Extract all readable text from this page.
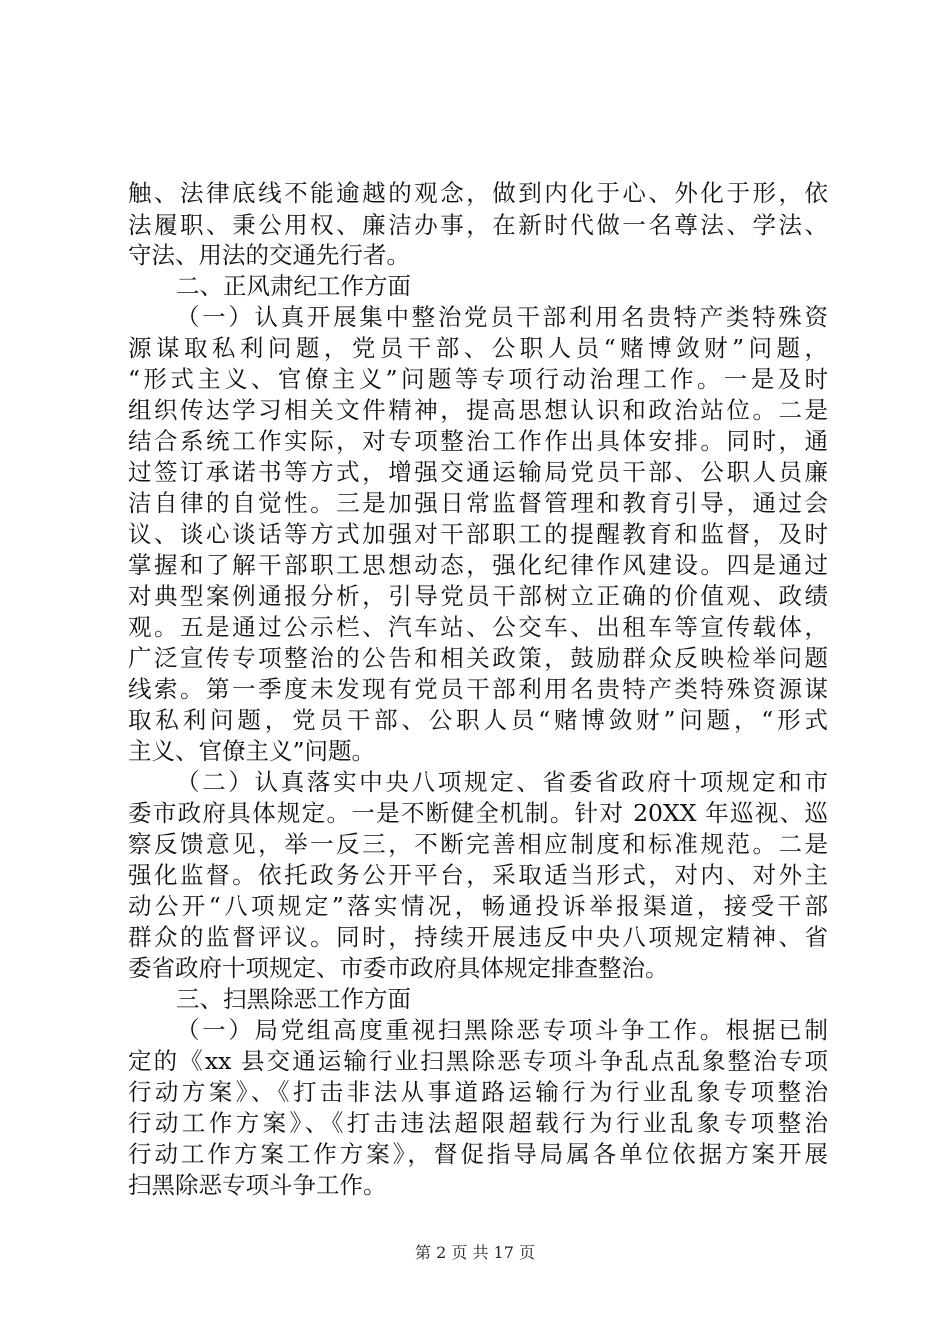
触、法律底线不能逾越的观念，做到内化于心、外化于形，依
法履职、秉公用权、廉洁办事，在新时代做一名尊法、学法、
守法、用法的交通先行者。
二、正风肃纪工作方面
（一）认真开展集中整治党员干部利用名贵特产类特殊资
源谋取私利问题，党员干部、公职人员“赌博敛财”问题，
“形式主义、官僚主义”问题等专项行动治理工作。一是及时
组织传达学习相关文件精神，提高思想认识和政治站位。二是
结合系统工作实际，对专项整治工作作出具体安排。同时，通
过签订承诺书等方式，增强交通运输局党员干部、公职人员廉
洁自律的自觉性。三是加强日常监督管理和教育引导，通过会
议、谈心谈话等方式加强对干部职工的提醒教育和监督，及时
掌握和了解干部职工思想动态，强化纪律作风建设。四是通过
对典型案例通报分析，引导党员干部树立正确的价值观、政绩
观。五是通过公示栏、汽车站、公交车、出租车等宣传载体，
广泛宣传专项整治的公告和相关政策，鼓励群众反映检举问题
线索。第一季度未发现有党员干部利用名贵特产类特殊资源谋
取私利问题，党员干部、公职人员“赌博敛财”问题，“形式
主义、官僚主义”问题。
（二）认真落实中央八项规定、省委省政府十项规定和市
委市政府具体规定。一是不断健全机制。针对 20XX 年巡视、巡
察反馈意见，举一反三，不断完善相应制度和标准规范。二是
强化监督。依托政务公开平台，采取适当形式，对内、对外主
动公开“八项规定”落实情况，畅通投诉举报渠道，接受干部
群众的监督评议。同时，持续开展违反中央八项规定精神、省
委省政府十项规定、市委市政府具体规定排查整治。
三、扫黑除恶工作方面
（一）局党组高度重视扫黑除恶专项斗争工作。根据已制
定的《xx 县交通运输行业扫黑除恶专项斗争乱点乱象整治专项
行动方案》、《打击非法从事道路运输行为行业乱象专项整治
行动工作方案》、《打击违法超限超载行为行业乱象专项整治
行动工作方案工作方案》，督促指导局属各单位依据方案开展
扫黑除恶专项斗争工作。
第 2 页 共 17 页
